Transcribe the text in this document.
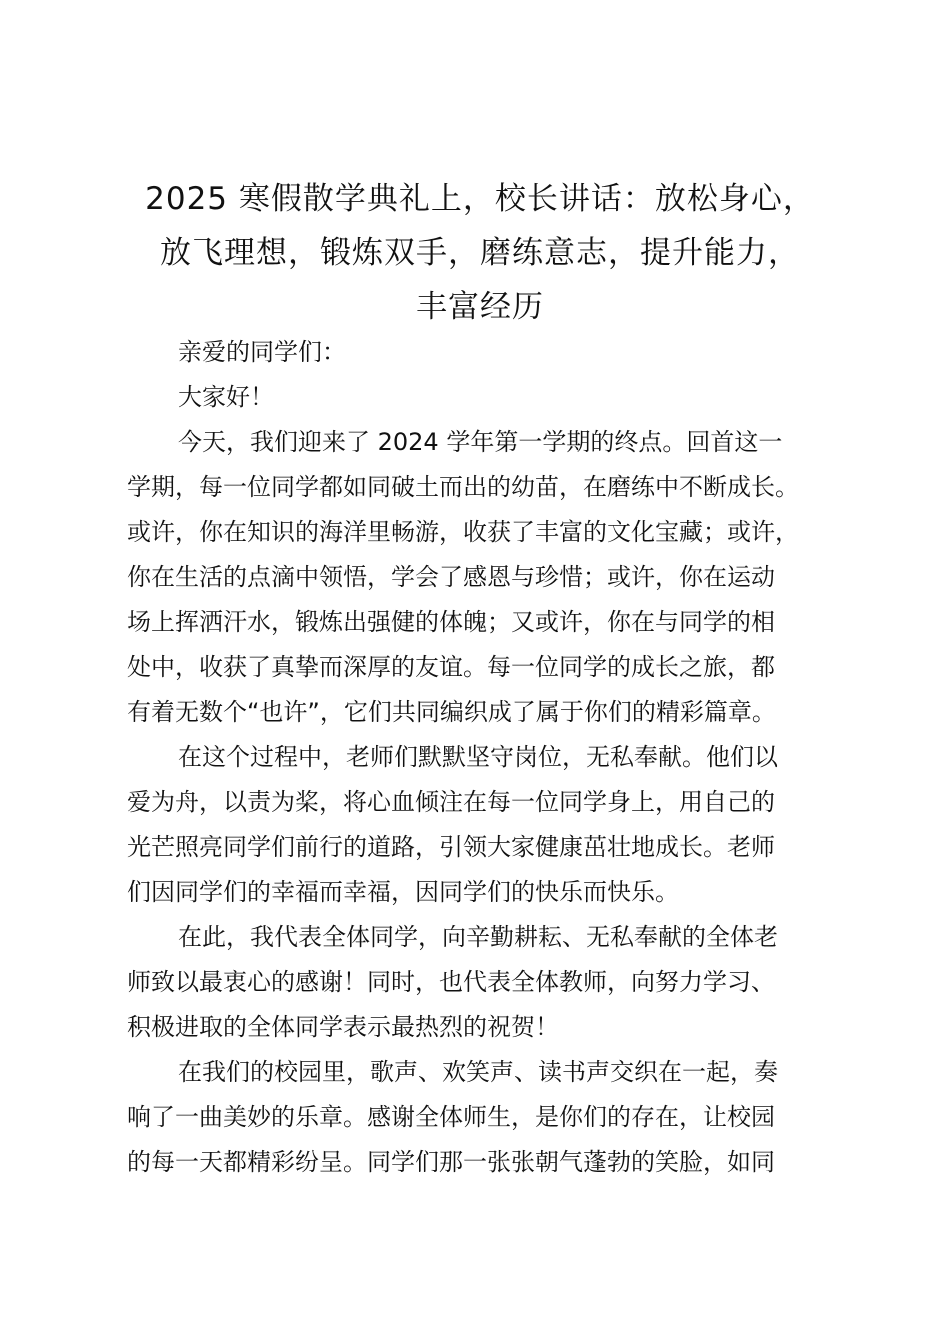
2025 寒假散学典礼上，校长讲话：放松身心，
放飞理想，锻炼双手，磨练意志，提升能力，
丰富经历
亲爱的同学们：
大家好！
今天，我们迎来了 2024 学年第一学期的终点。回首这一
学期，每一位同学都如同破土而出的幼苗，在磨练中不断成长。
或许，你在知识的海洋里畅游，收获了丰富的文化宝藏；或许，
你在生活的点滴中领悟，学会了感恩与珍惜；或许，你在运动
场上挥洒汗水，锻炼出强健的体魄；又或许，你在与同学的相
处中，收获了真挚而深厚的友谊。每一位同学的成长之旅，都
有着无数个“也许”，它们共同编织成了属于你们的精彩篇章。
在这个过程中，老师们默默坚守岗位，无私奉献。他们以
爱为舟，以责为桨，将心血倾注在每一位同学身上，用自己的
光芒照亮同学们前行的道路，引领大家健康茁壮地成长。老师
们因同学们的幸福而幸福，因同学们的快乐而快乐。
在此，我代表全体同学，向辛勤耕耘、无私奉献的全体老
师致以最衷心的感谢！同时，也代表全体教师，向努力学习、
积极进取的全体同学表示最热烈的祝贺！
在我们的校园里，歌声、欢笑声、读书声交织在一起，奏
响了一曲美妙的乐章。感谢全体师生，是你们的存在，让校园
的每一天都精彩纷呈。同学们那一张张朝气蓬勃的笑脸，如同
